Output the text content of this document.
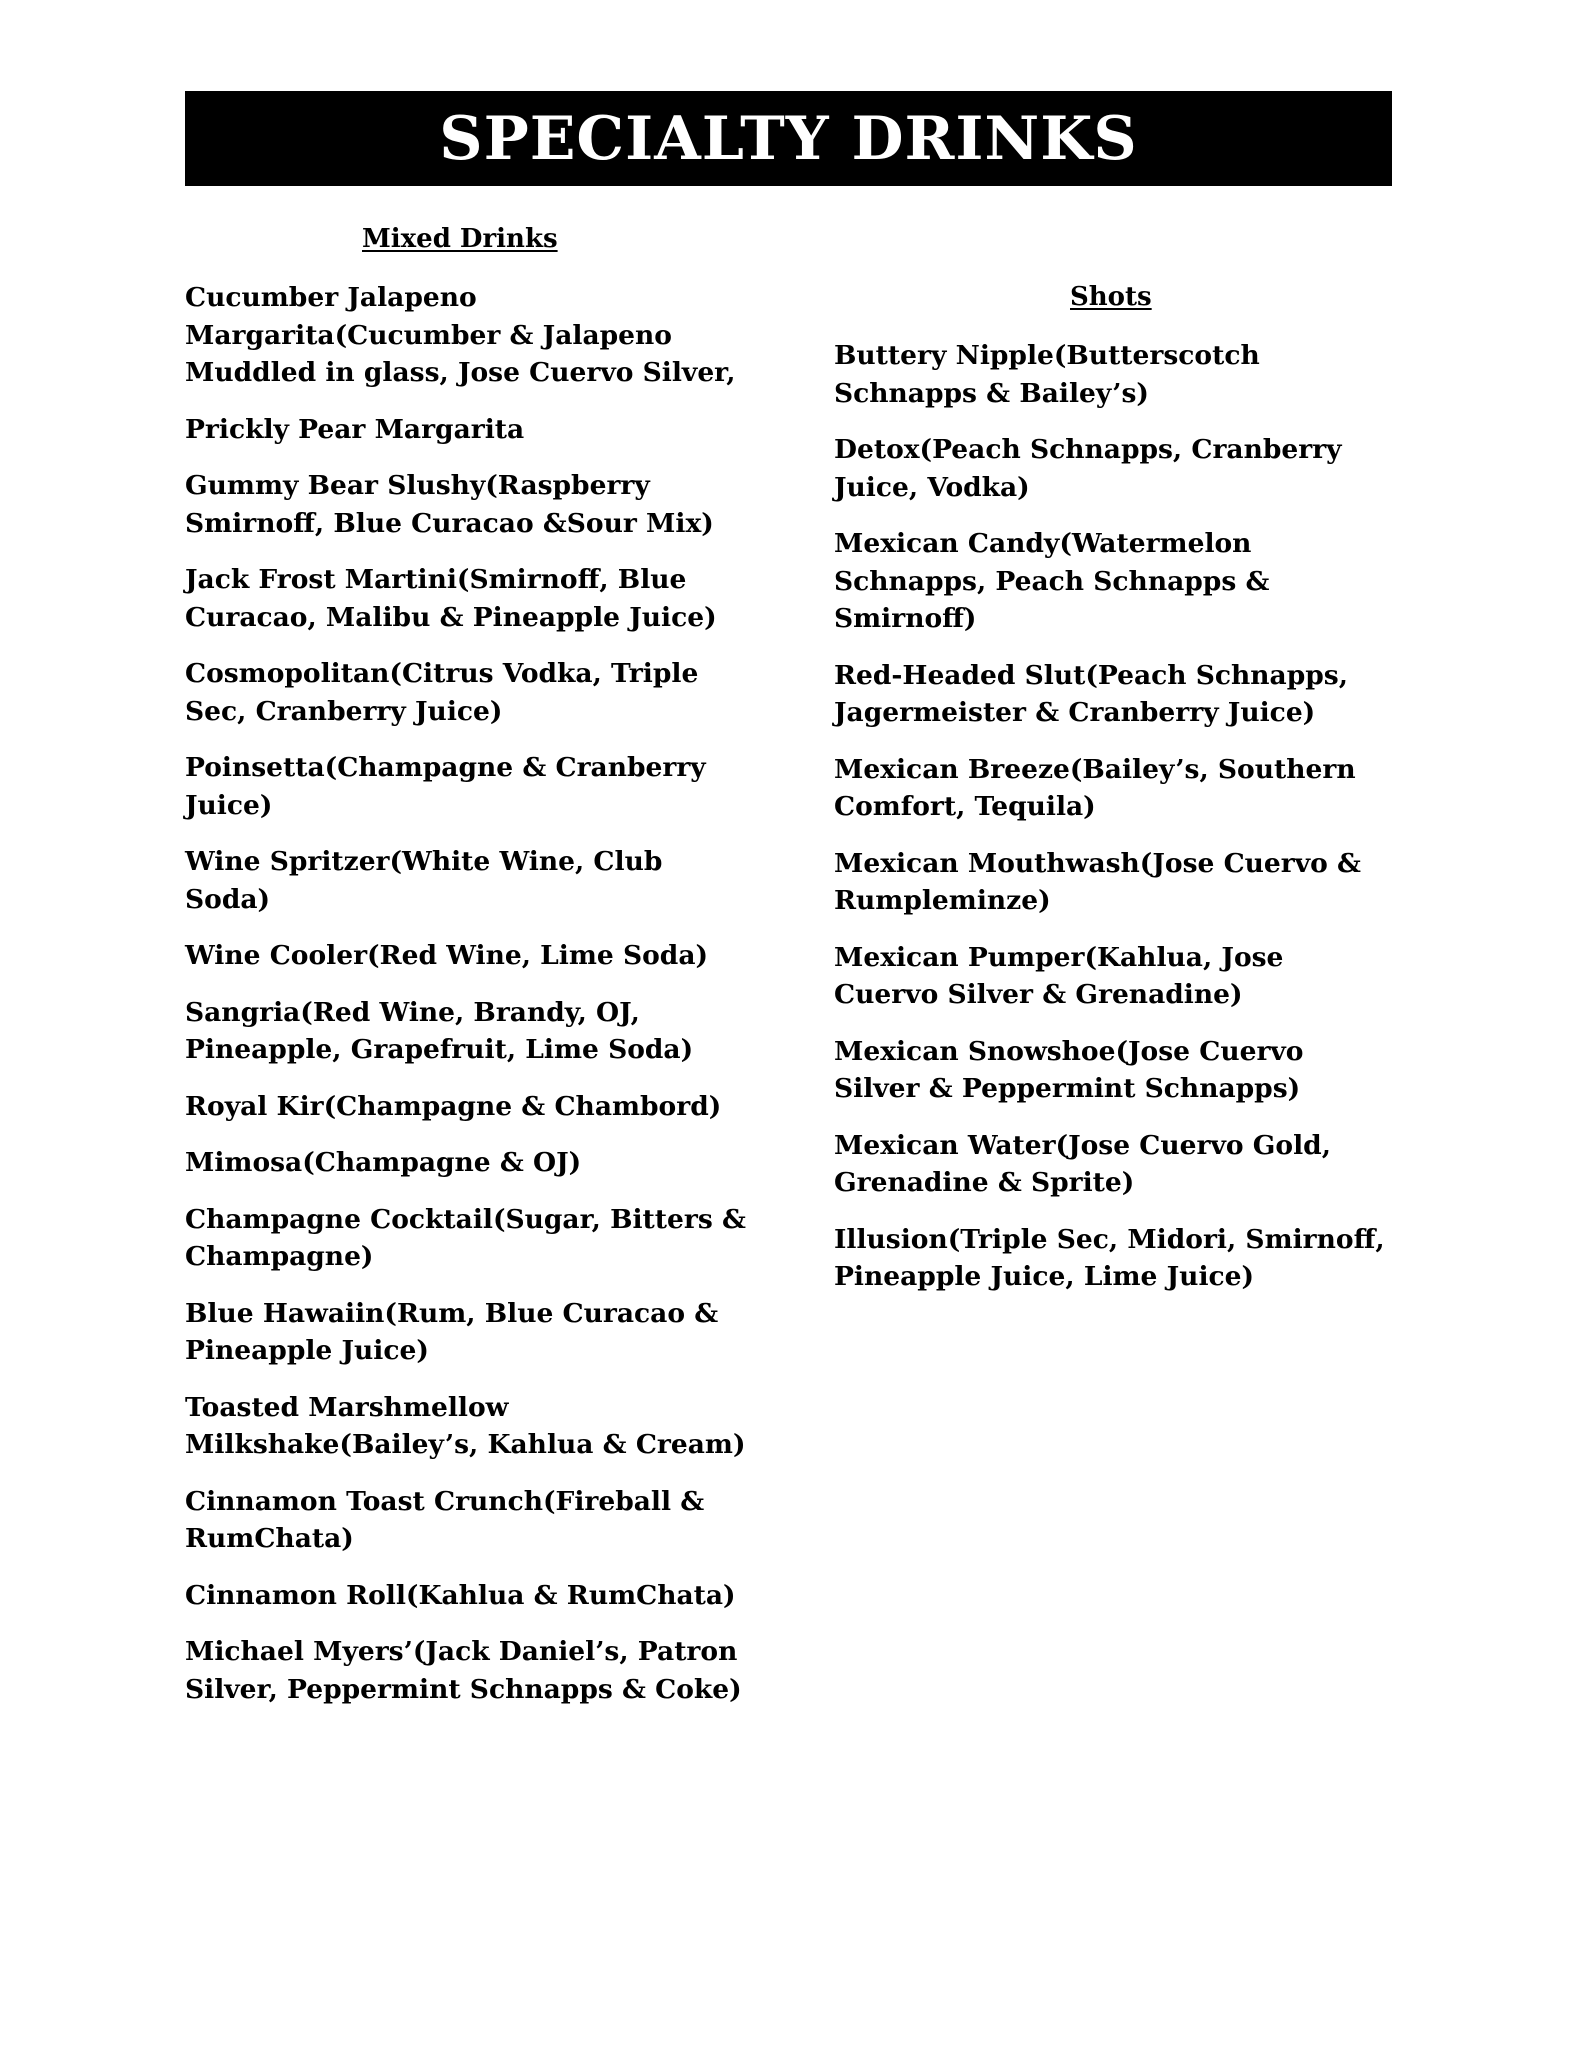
SPECIALTY DRINKS
Mixed Drinks
Cucumber Jalapeno Margarita(Cucumber & Jalapeno Muddled in glass, Jose Cuervo Silver,
Prickly Pear Margarita
Gummy Bear Slushy(Raspberry Smirnoff, Blue Curacao &Sour Mix)
Jack Frost Martini(Smirnoff, Blue Curacao, Malibu & Pineapple Juice)
Cosmopolitan(Citrus Vodka, Triple Sec, Cranberry Juice)
Poinsetta(Champagne & Cranberry Juice)
Wine Spritzer(White Wine, Club Soda)
Wine Cooler(Red Wine, Lime Soda)
Sangria(Red Wine, Brandy, OJ, Pineapple, Grapefruit, Lime Soda)
Royal Kir(Champagne & Chambord)
Mimosa(Champagne & OJ)
Champagne Cocktail(Sugar, Bitters & Champagne)
Blue Hawaiin(Rum, Blue Curacao & Pineapple Juice)
Toasted Marshmellow Milkshake(Bailey’s, Kahlua & Cream)
Cinnamon Toast Crunch(Fireball & RumChata)
Cinnamon Roll(Kahlua & RumChata)
Michael Myers’(Jack Daniel’s, Patron Silver, Peppermint Schnapps & Coke)
Shots
Buttery Nipple(Butterscotch Schnapps & Bailey’s)
Detox(Peach Schnapps, Cranberry Juice, Vodka)
Mexican Candy(Watermelon Schnapps, Peach Schnapps & Smirnoff)
Red-Headed Slut(Peach Schnapps, Jagermeister & Cranberry Juice)
Mexican Breeze(Bailey’s, Southern Comfort, Tequila)
Mexican Mouthwash(Jose Cuervo & Rumpleminze)
Mexican Pumper(Kahlua, Jose Cuervo Silver & Grenadine)
Mexican Snowshoe(Jose Cuervo Silver & Peppermint Schnapps)
Mexican Water(Jose Cuervo Gold, Grenadine & Sprite)
Illusion(Triple Sec, Midori, Smirnoff, Pineapple Juice, Lime Juice)
